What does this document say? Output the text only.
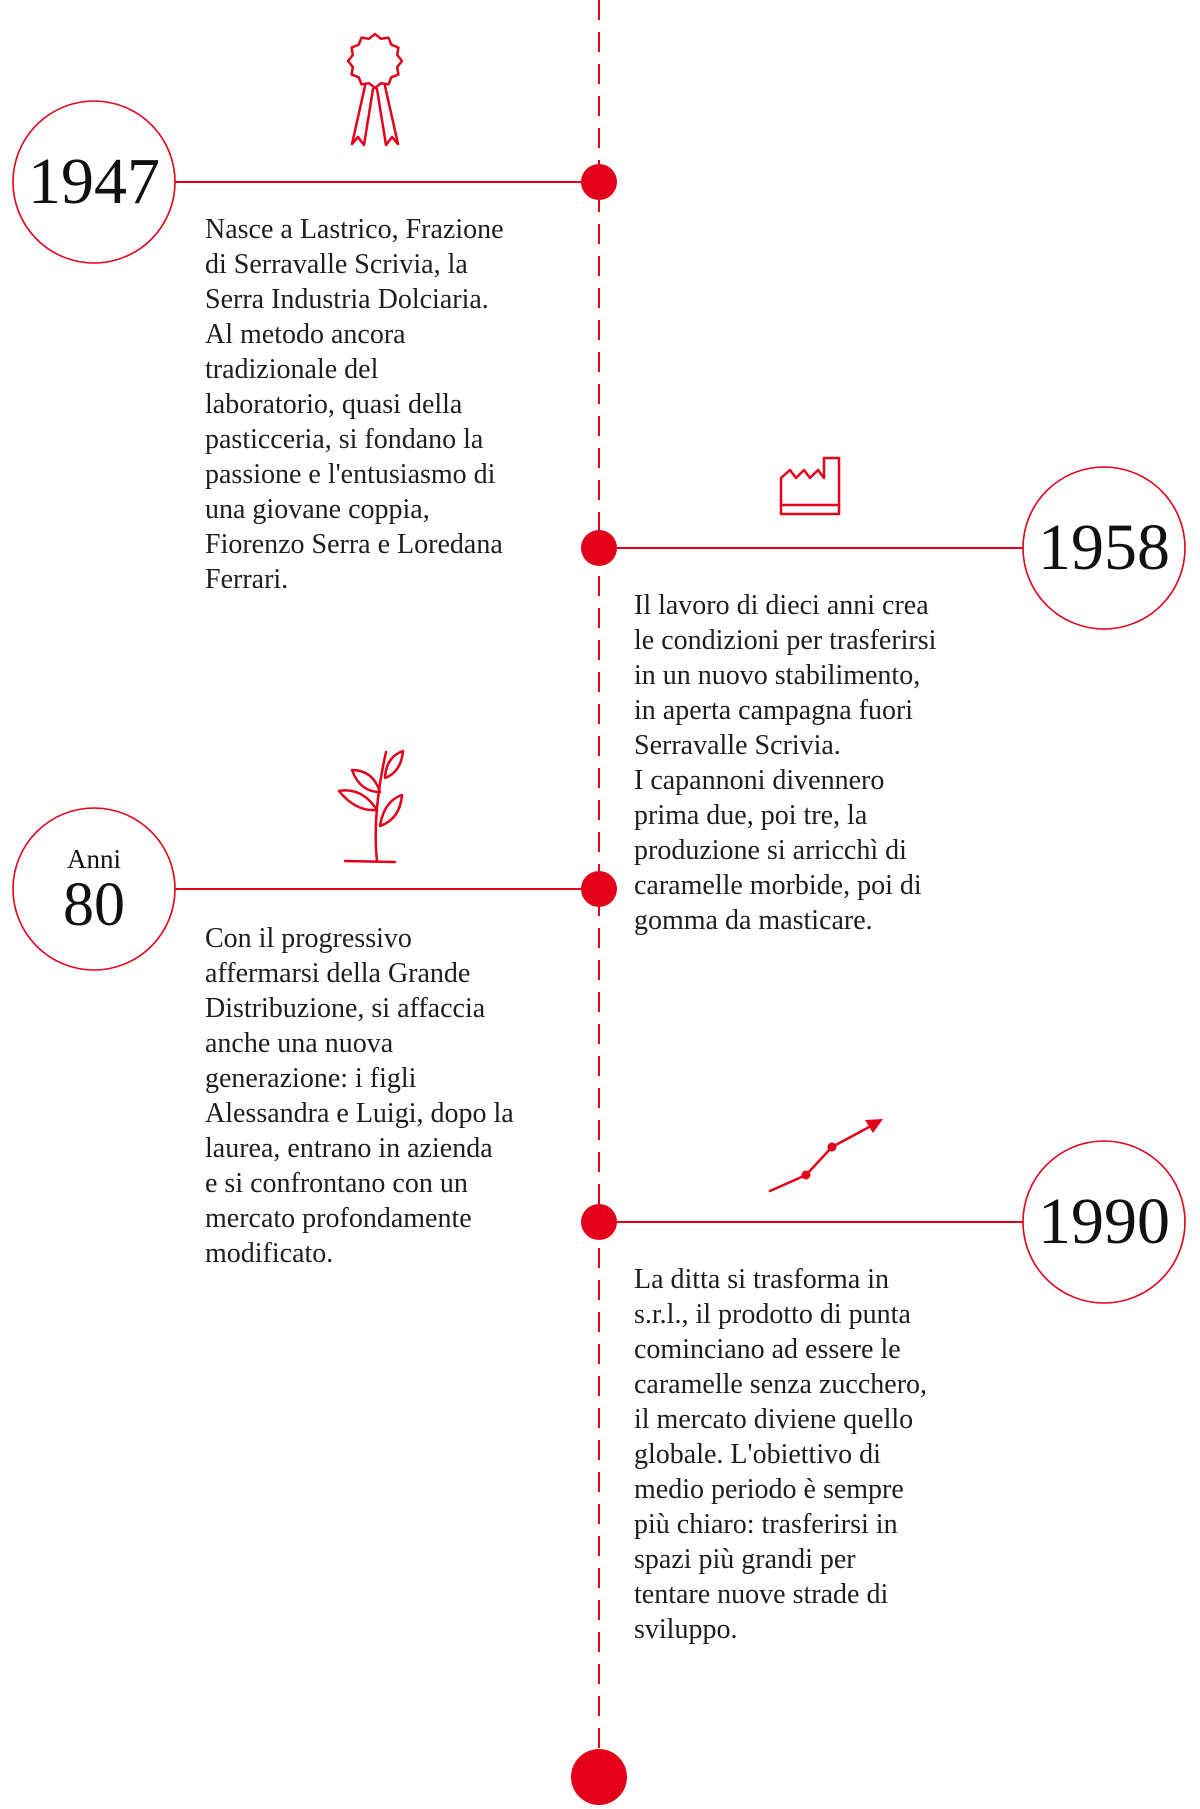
1947
1958
Anni
80
1990
Nasce a Lastrico, Frazione
di Serravalle Scrivia, la
Serra Industria Dolciaria.
Al metodo ancora
tradizionale del
laboratorio, quasi della
pasticceria, si fondano la
passione e l'entusiasmo di
una giovane coppia,
Fiorenzo Serra e Loredana
Ferrari.
Il lavoro di dieci anni crea
le condizioni per trasferirsi
in un nuovo stabilimento,
in aperta campagna fuori
Serravalle Scrivia.
I capannoni divennero
prima due, poi tre, la
produzione si arricchì di
caramelle morbide, poi di
gomma da masticare.
Con il progressivo
affermarsi della Grande
Distribuzione, si affaccia
anche una nuova
generazione: i figli
Alessandra e Luigi, dopo la
laurea, entrano in azienda
e si confrontano con un
mercato profondamente
modificato.
La ditta si trasforma in
s.r.l., il prodotto di punta
cominciano ad essere le
caramelle senza zucchero,
il mercato diviene quello
globale. L'obiettivo di
medio periodo è sempre
più chiaro: trasferirsi in
spazi più grandi per
tentare nuove strade di
sviluppo.
